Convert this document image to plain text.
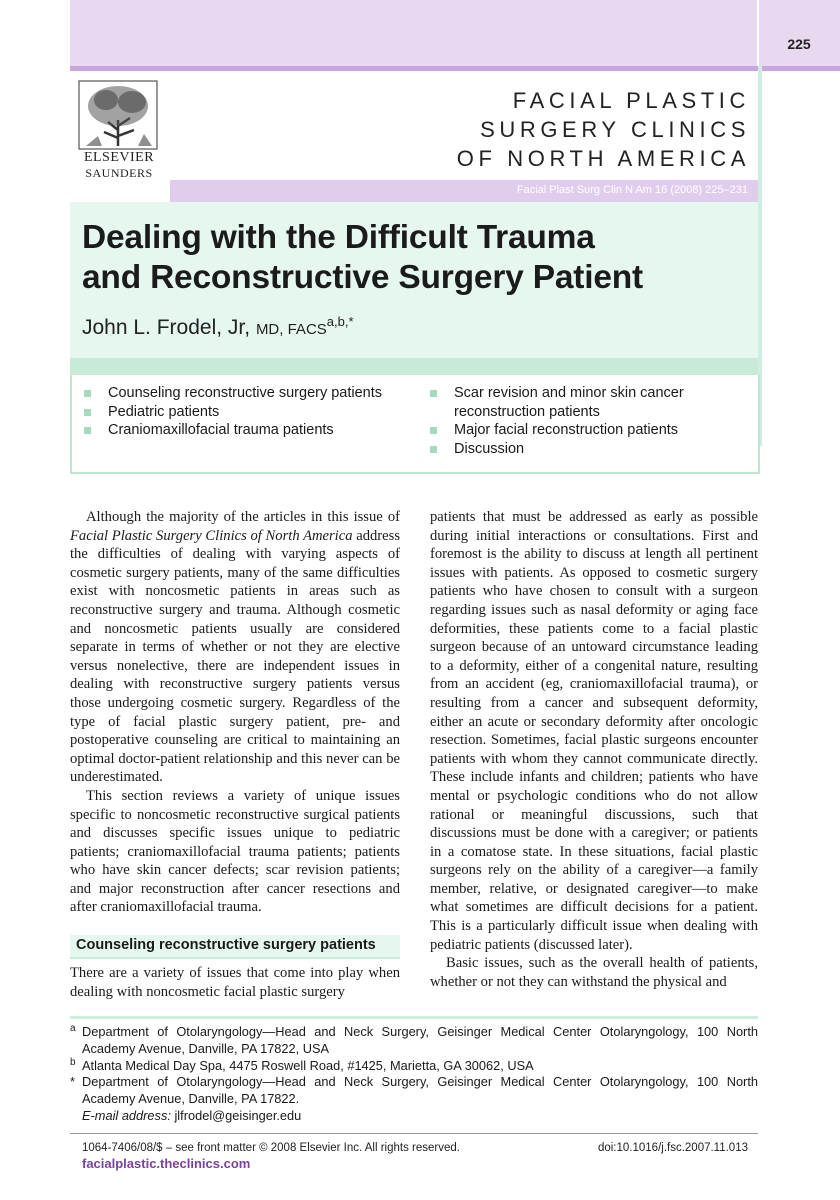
225
ELSEVIER
SAUNDERS
FACIAL PLASTIC
SURGERY CLINICS
OF NORTH AMERICA
Facial Plast Surg Clin N Am 16 (2008) 225–231
Dealing with the Difficult Trauma
and Reconstructive Surgery Patient
John L. Frodel, Jr, MD, $FACS^{a,b,*}$
Counseling reconstructive surgery patients
Pediatric patients
Craniomaxillofacial trauma patients
Scar revision and minor skin cancer reconstruction patients
Major facial reconstruction patients
Discussion

Although the majority of the articles in this issue of Facial Plastic Surgery Clinics of North America address the difficulties of dealing with varying aspects of cosmetic surgery patients, many of the same difficulties exist with noncosmetic patients in areas such as reconstructive surgery and trauma. Although cosmetic and noncosmetic patients usually are considered separate in terms of whether or not they are elective versus nonelective, there are independent issues in dealing with reconstructive surgery patients versus those undergoing cosmetic surgery. Regardless of the type of facial plastic surgery patient, pre- and postoperative counseling are critical to maintaining an optimal doctor-patient relationship and this never can be underestimated.

This section reviews a variety of unique issues specific to noncosmetic reconstructive surgical patients and discusses specific issues unique to pediatric patients; craniomaxillofacial trauma patients; patients who have skin cancer defects; scar revision patients; and major reconstruction after cancer resections and after craniomaxillofacial trauma.

Counseling reconstructive surgery patients

There are a variety of issues that come into play when dealing with noncosmetic facial plastic surgery

patients that must be addressed as early as possible during initial interactions or consultations. First and foremost is the ability to discuss at length all pertinent issues with patients. As opposed to cosmetic surgery patients who have chosen to consult with a surgeon regarding issues such as nasal deformity or aging face deformities, these patients come to a facial plastic surgeon because of an untoward circumstance leading to a deformity, either of a congenital nature, resulting from an accident (eg, craniomaxillofacial trauma), or resulting from a cancer and subsequent deformity, either an acute or secondary deformity after oncologic resection. Sometimes, facial plastic surgeons encounter patients with whom they cannot communicate directly. These include infants and children; patients who have mental or psychologic conditions who do not allow rational or meaningful discussions, such that discussions must be done with a caregiver; or patients in a comatose state. In these situations, facial plastic surgeons rely on the ability of a caregiver—a family member, relative, or designated caregiver—to make what sometimes are difficult decisions for a patient. This is a particularly difficult issue when dealing with pediatric patients (discussed later).

Basic issues, such as the overall health of patients, whether or not they can withstand the physical and

a Department of Otolaryngology—Head and Neck Surgery, Geisinger Medical Center Otolaryngology, 100 North Academy Avenue, Danville, PA 17822, USA
b Atlanta Medical Day Spa, 4475 Roswell Road, #1425, Marietta, GA 30062, USA
* Department of Otolaryngology—Head and Neck Surgery, Geisinger Medical Center Otolaryngology, 100 North Academy Avenue, Danville, PA 17822.
E-mail address: jlfrodel@geisinger.edu
1064-7406/08/$ – see front matter © 2008 Elsevier Inc. All rights reserved.	doi:10.1016/j.fsc.2007.11.013
facialplastic.theclinics.com
